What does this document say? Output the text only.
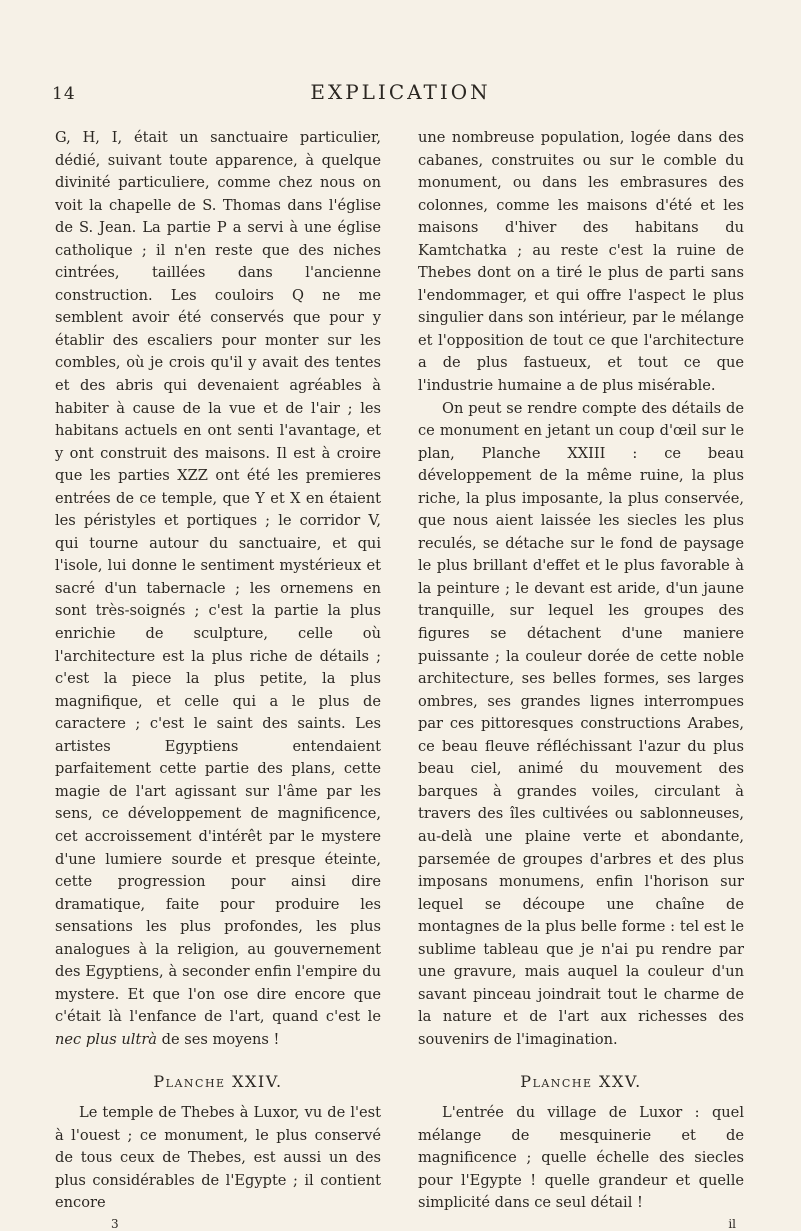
14	EXPLICATION

G, H, I, était un sanctuaire particulier, dédié, suivant toute apparence, à quelque divinité particuliere, comme chez nous on voit la chapelle de S. Thomas dans l'église de S. Jean. La partie P a servi à une église catholique ; il n'en reste que des niches cintrées, taillées dans l'ancienne construction. Les couloirs Q ne me semblent avoir été conservés que pour y établir des escaliers pour monter sur les combles, où je crois qu'il y avait des tentes et des abris qui devenaient agréables à habiter à cause de la vue et de l'air ; les habitans actuels en ont senti l'avantage, et y ont construit des maisons. Il est à croire que les parties XZZ ont été les premieres entrées de ce temple, que Y et X en étaient les péristyles et portiques ; le corridor V, qui tourne autour du sanctuaire, et qui l'isole, lui donne le sentiment mystérieux et sacré d'un tabernacle ; les ornemens en sont très-soignés ; c'est la partie la plus enrichie de sculpture, celle où l'architecture est la plus riche de détails ; c'est la piece la plus petite, la plus magnifique, et celle qui a le plus de caractere ; c'est le saint des saints. Les artistes Egyptiens entendaient parfaitement cette partie des plans, cette magie de l'art agissant sur l'âme par les sens, ce développement de magnificence, cet accroissement d'intérêt par le mystere d'une lumiere sourde et presque éteinte, cette progression pour ainsi dire dramatique, faite pour produire les sensations les plus profondes, les plus analogues à la religion, au gouvernement des Egyptiens, à seconder enfin l'empire du mystere. Et que l'on ose dire encore que c'était là l'enfance de l'art, quand c'est le nec plus ultrà de ses moyens !

Planche XXIV.

Le temple de Thebes à Luxor, vu de l'est à l'ouest ; ce monument, le plus conservé de tous ceux de Thebes, est aussi un des plus considérables de l'Egypte ; il contient encore

3

une nombreuse population, logée dans des cabanes, construites ou sur le comble du monument, ou dans les embrasures des colonnes, comme les maisons d'été et les maisons d'hiver des habitans du Kamtchatka ; au reste c'est la ruine de Thebes dont on a tiré le plus de parti sans l'endommager, et qui offre l'aspect le plus singulier dans son intérieur, par le mélange et l'opposition de tout ce que l'architecture a de plus fastueux, et tout ce que l'industrie humaine a de plus misérable.

On peut se rendre compte des détails de ce monument en jetant un coup d'œil sur le plan, Planche XXIII : ce beau développement de la même ruine, la plus riche, la plus imposante, la plus conservée, que nous aient laissée les siecles les plus reculés, se détache sur le fond de paysage le plus brillant d'effet et le plus favorable à la peinture ; le devant est aride, d'un jaune tranquille, sur lequel les groupes des figures se détachent d'une maniere puissante ; la couleur dorée de cette noble architecture, ses belles formes, ses larges ombres, ses grandes lignes interrompues par ces pittoresques constructions Arabes, ce beau fleuve réfléchissant l'azur du plus beau ciel, animé du mouvement des barques à grandes voiles, circulant à travers des îles cultivées ou sablonneuses, au-delà une plaine verte et abondante, parsemée de groupes d'arbres et des plus imposans monumens, enfin l'horison sur lequel se découpe une chaîne de montagnes de la plus belle forme : tel est le sublime tableau que je n'ai pu rendre par une gravure, mais auquel la couleur d'un savant pinceau joindrait tout le charme de la nature et de l'art aux richesses des souvenirs de l'imagination.

Planche XXV.

L'entrée du village de Luxor : quel mélange de mesquinerie et de magnificence ; quelle échelle des siecles pour l'Egypte ! quelle grandeur et quelle simplicité dans ce seul détail !

il
